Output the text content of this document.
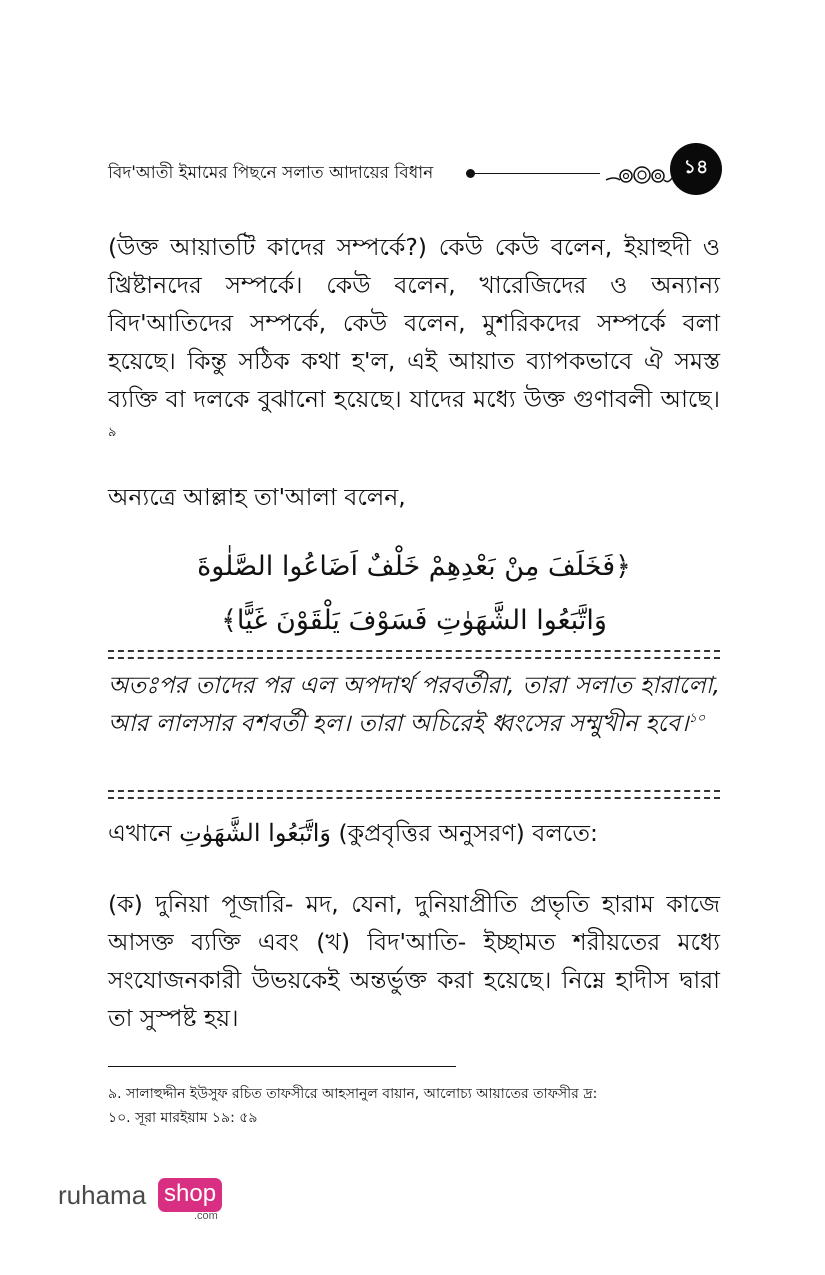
বিদ'আতী ইমামের পিছনে সলাত আদায়ের বিধান	১৪
(উক্ত আয়াতটি কাদের সম্পর্কে?) কেউ কেউ বলেন, ইয়াহুদী ও খ্রিষ্টানদের সম্পর্কে। কেউ বলেন, খারেজিদের ও অন্যান্য বিদ'আতিদের সম্পর্কে, কেউ বলেন, মুশরিকদের সম্পর্কে বলা হয়েছে। কিন্তু সঠিক কথা হ'ল, এই আয়াত ব্যাপকভাবে ঐ সমস্ত ব্যক্তি বা দলকে বুঝানো হয়েছে। যাদের মধ্যে উক্ত গুণাবলী আছে।$^৯$
অন্যত্রে আল্লাহ তা'আলা বলেন,
﴿فَخَلَفَ مِنْ بَعْدِهِمْ خَلْفٌ اَضَاعُوا الصَّلٰوةَ
وَاتَّبَعُوا الشَّهَوٰتِ فَسَوْفَ يَلْقَوْنَ غَيًّا﴾
অতঃপর তাদের পর এল অপদার্থ পরবর্তীরা, তারা সলাত হারালো, আর লালসার বশবর্তী হল। তারা অচিরেই ধ্বংসের সম্মুখীন হবে।$^{১০}$
এখানে وَاتَّبَعُوا الشَّهَوٰتِ (কুপ্রবৃত্তির অনুসরণ) বলতে:
(ক) দুনিয়া পূজারি- মদ, যেনা, দুনিয়াপ্রীতি প্রভৃতি হারাম কাজে আসক্ত ব্যক্তি এবং (খ) বিদ'আতি- ইচ্ছামত শরীয়তের মধ্যে সংযোজনকারী উভয়কেই অন্তর্ভুক্ত করা হয়েছে। নিম্নে হাদীস দ্বারা তা সুস্পষ্ট হয়।
৯. সালাহুদ্দীন ইউসুফ রচিত তাফসীরে আহসানুল বায়ান, আলোচ্য আয়াতের তাফসীর দ্র:
১০. সূরা মারইয়াম ১৯: ৫৯
ruhama shop
.com
